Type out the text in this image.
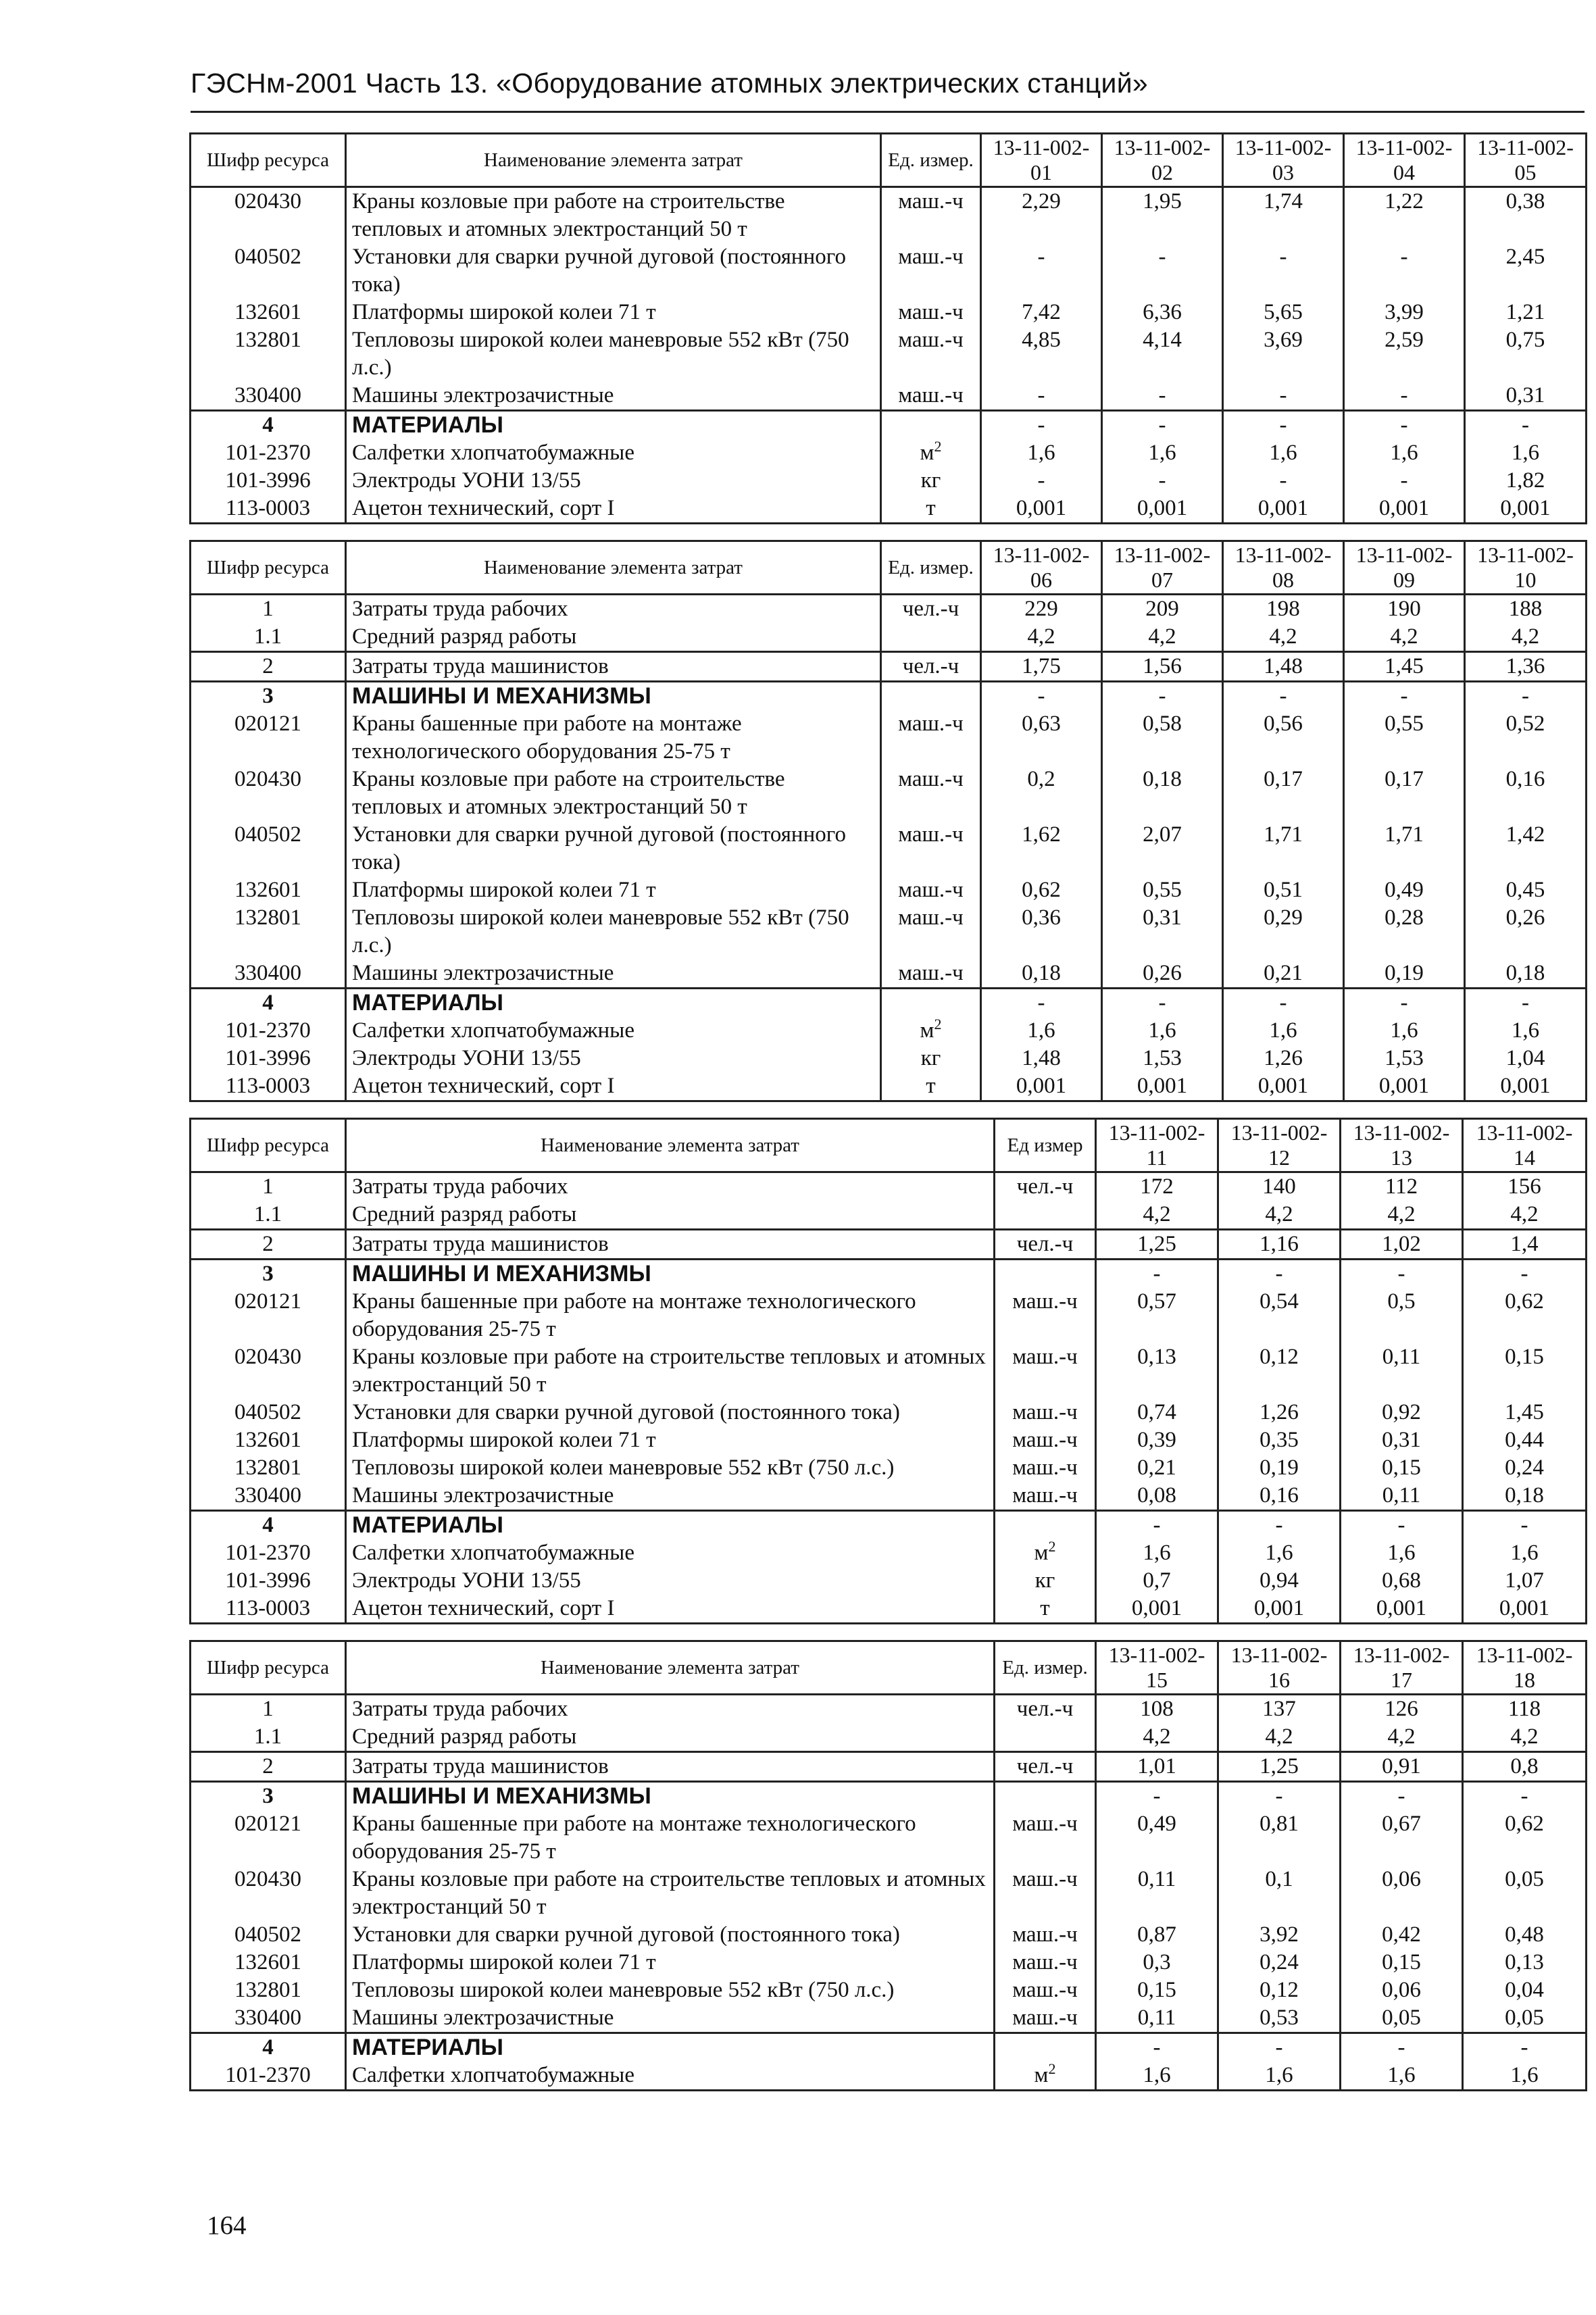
ГЭСНм-2001 Часть 13. «Оборудование атомных электрических станций»
Шифр ресурса	Наименование элемента затрат	Ед. измер.	13-11-002-01	13-11-002-02	13-11-002-03	13-11-002-04	13-11-002-05
020430	Краны козловые при работе на строительстве тепловых и атомных электростанций 50 т	маш.-ч	2,29	1,95	1,74	1,22	0,38
040502	Установки для сварки ручной дуговой (постоянного тока)	маш.-ч	-	-	-	-	2,45
132601	Платформы широкой колеи 71 т	маш.-ч	7,42	6,36	5,65	3,99	1,21
132801	Тепловозы широкой колеи маневровые 552 кВт (750 л.с.)	маш.-ч	4,85	4,14	3,69	2,59	0,75
330400	Машины электрозачистные	маш.-ч	-	-	-	-	0,31
4	МАТЕРИАЛЫ		-	-	-	-	-
101-2370	Салфетки хлопчатобумажные	$м^2$	1,6	1,6	1,6	1,6	1,6
101-3996	Электроды УОНИ 13/55	кг	-	-	-	-	1,82
113-0003	Ацетон технический, сорт I	т	0,001	0,001	0,001	0,001	0,001
Шифр ресурса	Наименование элемента затрат	Ед. измер.	13-11-002-06	13-11-002-07	13-11-002-08	13-11-002-09	13-11-002-10
1	Затраты труда рабочих	чел.-ч	229	209	198	190	188
1.1	Средний разряд работы		4,2	4,2	4,2	4,2	4,2
2	Затраты труда машинистов	чел.-ч	1,75	1,56	1,48	1,45	1,36
3	МАШИНЫ И МЕХАНИЗМЫ		-	-	-	-	-
020121	Краны башенные при работе на монтаже технологического оборудования 25-75 т	маш.-ч	0,63	0,58	0,56	0,55	0,52
020430	Краны козловые при работе на строительстве тепловых и атомных электростанций 50 т	маш.-ч	0,2	0,18	0,17	0,17	0,16
040502	Установки для сварки ручной дуговой (постоянного тока)	маш.-ч	1,62	2,07	1,71	1,71	1,42
132601	Платформы широкой колеи 71 т	маш.-ч	0,62	0,55	0,51	0,49	0,45
132801	Тепловозы широкой колеи маневровые 552 кВт (750 л.с.)	маш.-ч	0,36	0,31	0,29	0,28	0,26
330400	Машины электрозачистные	маш.-ч	0,18	0,26	0,21	0,19	0,18
4	МАТЕРИАЛЫ		-	-	-	-	-
101-2370	Салфетки хлопчатобумажные	$м^2$	1,6	1,6	1,6	1,6	1,6
101-3996	Электроды УОНИ 13/55	кг	1,48	1,53	1,26	1,53	1,04
113-0003	Ацетон технический, сорт I	т	0,001	0,001	0,001	0,001	0,001
Шифр ресурса	Наименование элемента затрат	Ед измер	13-11-002-11	13-11-002-12	13-11-002-13	13-11-002-14
1	Затраты труда рабочих	чел.-ч	172	140	112	156
1.1	Средний разряд работы		4,2	4,2	4,2	4,2
2	Затраты труда машинистов	чел.-ч	1,25	1,16	1,02	1,4
3	МАШИНЫ И МЕХАНИЗМЫ		-	-	-	-
020121	Краны башенные при работе на монтаже технологического оборудования 25-75 т	маш.-ч	0,57	0,54	0,5	0,62
020430	Краны козловые при работе на строительстве тепловых и атомных электростанций 50 т	маш.-ч	0,13	0,12	0,11	0,15
040502	Установки для сварки ручной дуговой (постоянного тока)	маш.-ч	0,74	1,26	0,92	1,45
132601	Платформы широкой колеи 71 т	маш.-ч	0,39	0,35	0,31	0,44
132801	Тепловозы широкой колеи маневровые 552 кВт (750 л.с.)	маш.-ч	0,21	0,19	0,15	0,24
330400	Машины электрозачистные	маш.-ч	0,08	0,16	0,11	0,18
4	МАТЕРИАЛЫ		-	-	-	-
101-2370	Салфетки хлопчатобумажные	$м^2$	1,6	1,6	1,6	1,6
101-3996	Электроды УОНИ 13/55	кг	0,7	0,94	0,68	1,07
113-0003	Ацетон технический, сорт I	т	0,001	0,001	0,001	0,001
Шифр ресурса	Наименование элемента затрат	Ед. измер.	13-11-002-15	13-11-002-16	13-11-002-17	13-11-002-18
1	Затраты труда рабочих	чел.-ч	108	137	126	118
1.1	Средний разряд работы		4,2	4,2	4,2	4,2
2	Затраты труда машинистов	чел.-ч	1,01	1,25	0,91	0,8
3	МАШИНЫ И МЕХАНИЗМЫ		-	-	-	-
020121	Краны башенные при работе на монтаже технологического оборудования 25-75 т	маш.-ч	0,49	0,81	0,67	0,62
020430	Краны козловые при работе на строительстве тепловых и атомных электростанций 50 т	маш.-ч	0,11	0,1	0,06	0,05
040502	Установки для сварки ручной дуговой (постоянного тока)	маш.-ч	0,87	3,92	0,42	0,48
132601	Платформы широкой колеи 71 т	маш.-ч	0,3	0,24	0,15	0,13
132801	Тепловозы широкой колеи маневровые 552 кВт (750 л.с.)	маш.-ч	0,15	0,12	0,06	0,04
330400	Машины электрозачистные	маш.-ч	0,11	0,53	0,05	0,05
4	МАТЕРИАЛЫ		-	-	-	-
101-2370	Салфетки хлопчатобумажные	$м^2$	1,6	1,6	1,6	1,6
164
